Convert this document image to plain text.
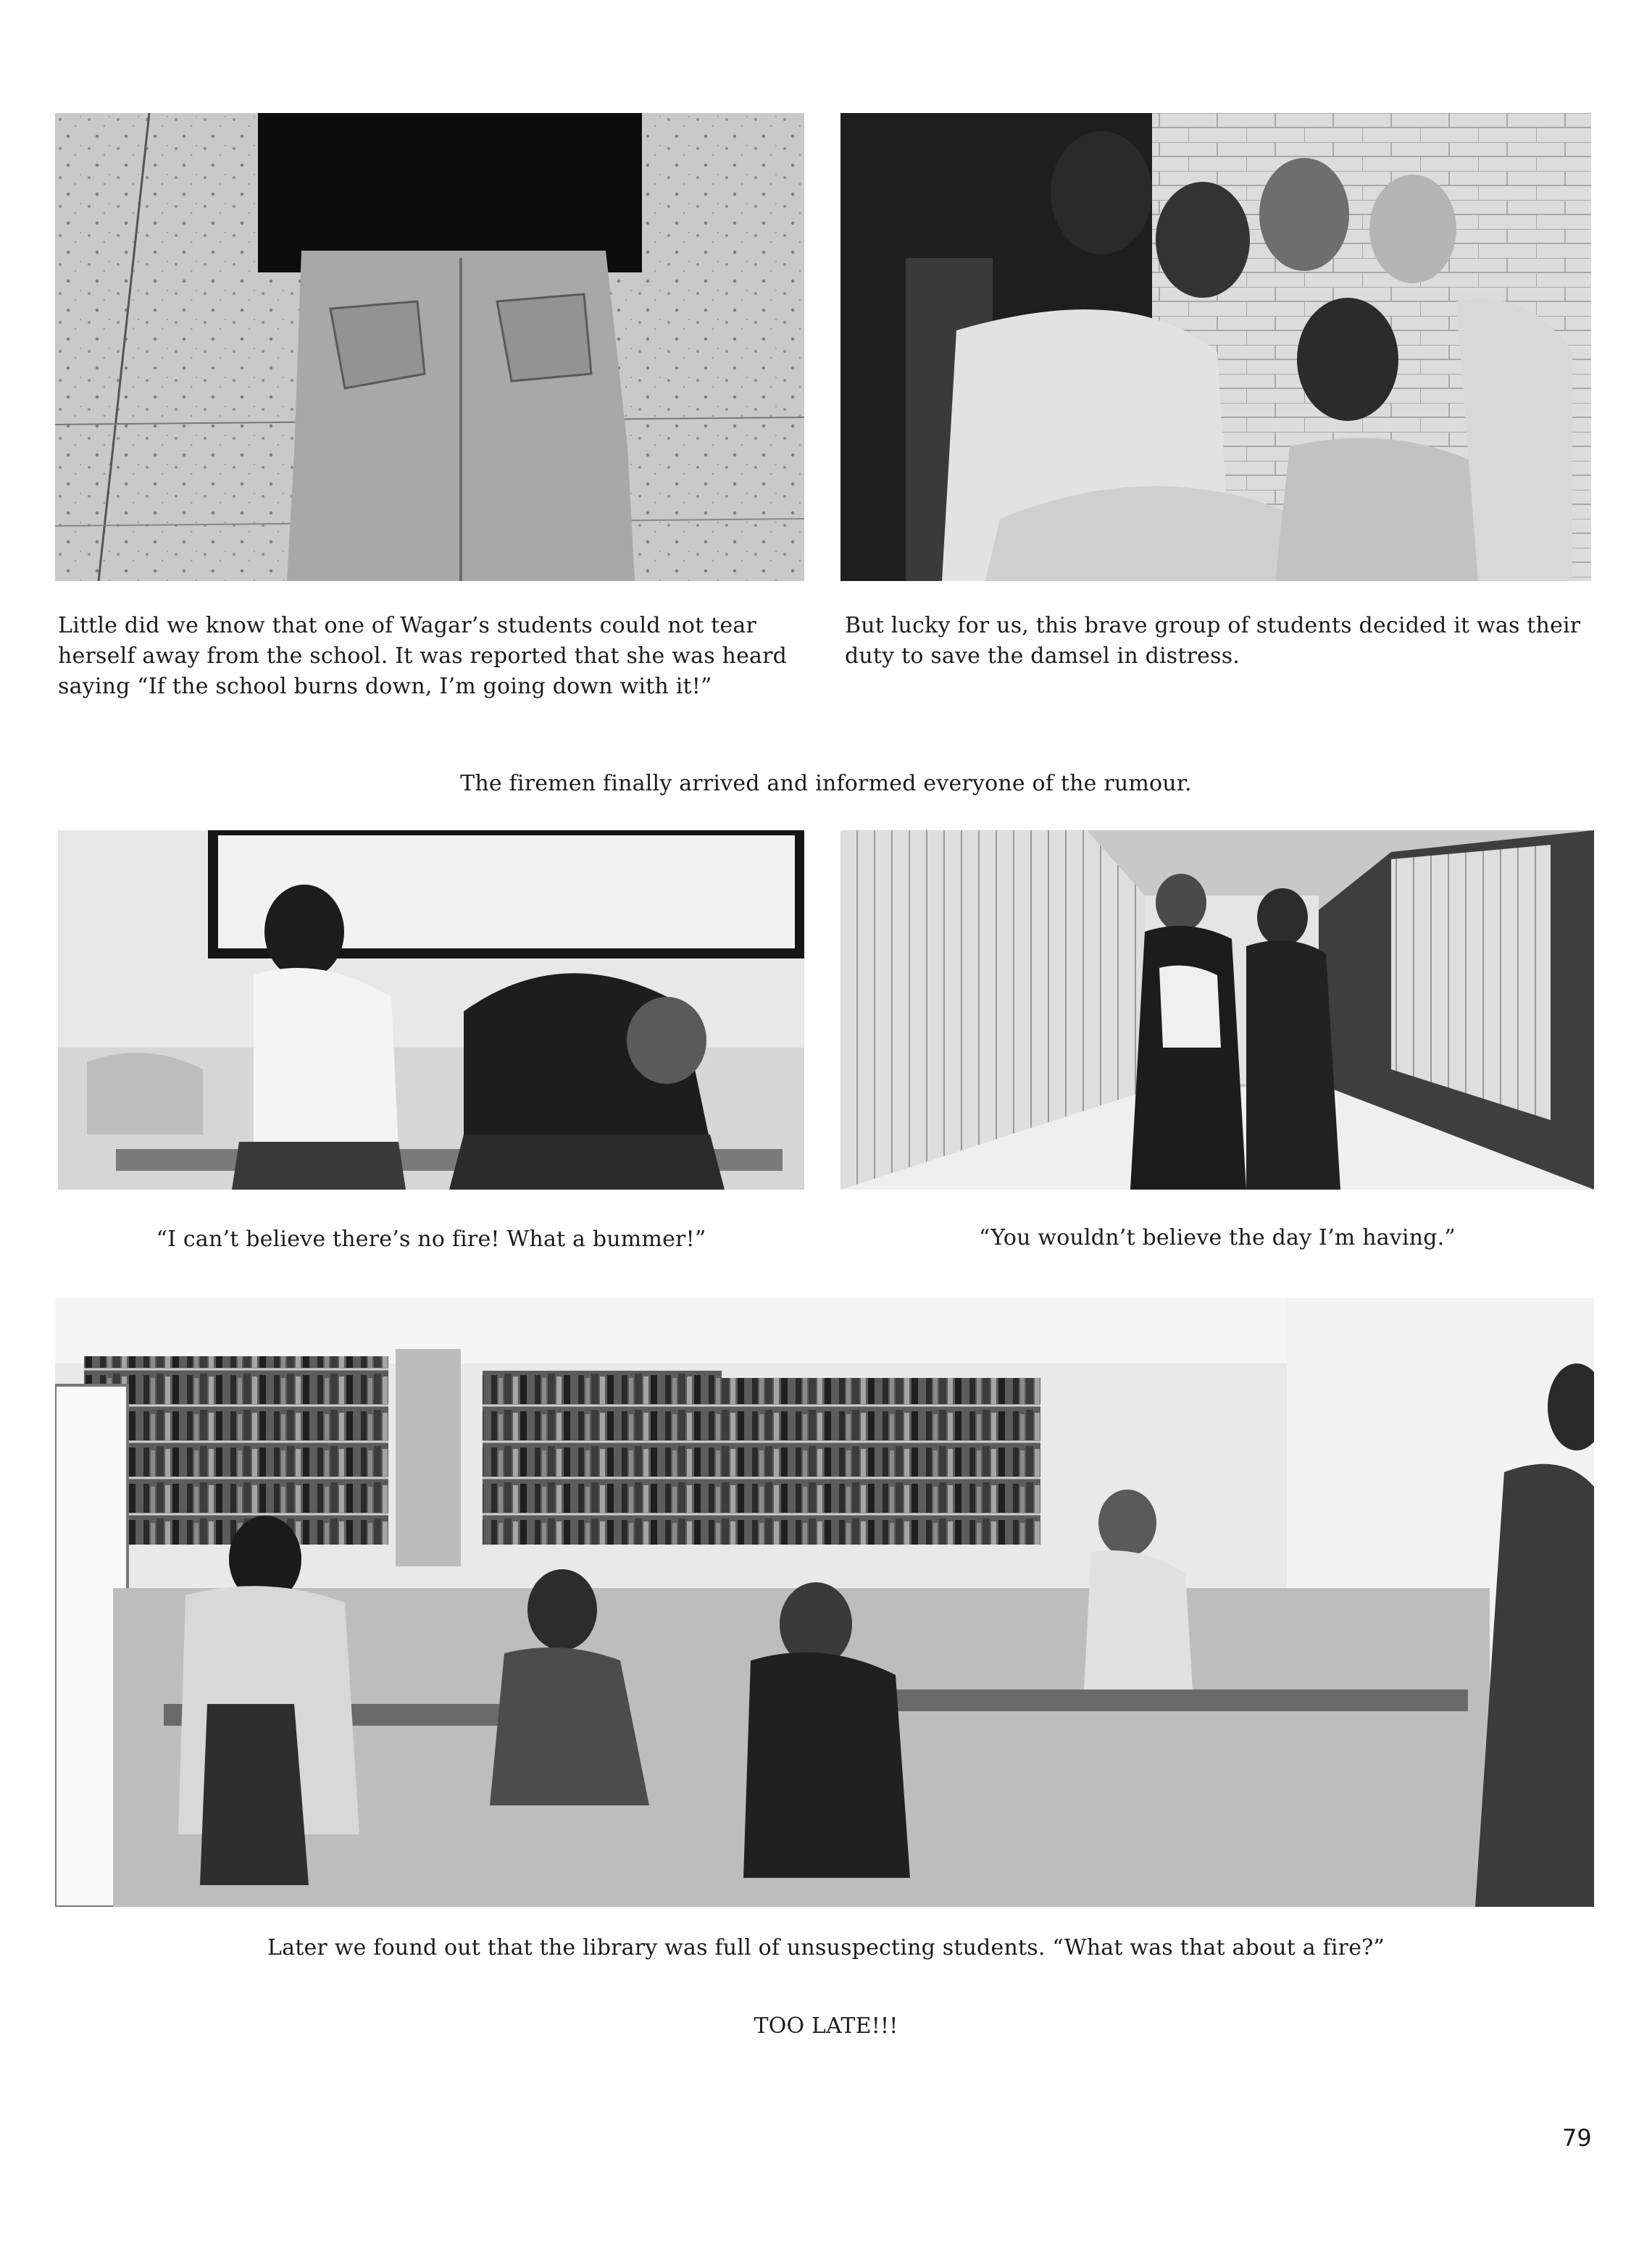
Little did we know that one of Wagar’s students could not tear herself away from the school. It was reported that she was heard saying “If the school burns down, I’m going down with it!”
But lucky for us, this brave group of students decided it was their duty to save the damsel in distress.
The firemen finally arrived and informed everyone of the rumour.
“I can’t believe there’s no fire! What a bummer!”	“You wouldn’t believe the day I’m having.”
Later we found out that the library was full of unsuspecting students. “What was that about a fire?”
TOO LATE!!!
79
